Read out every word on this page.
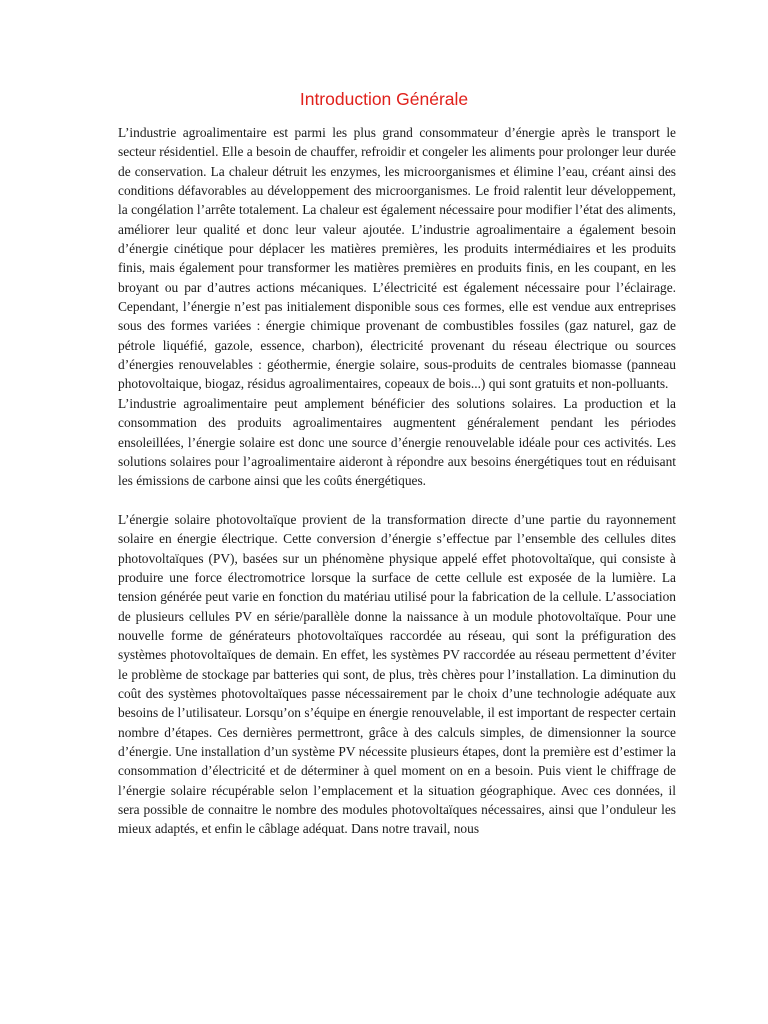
Introduction Générale

L’industrie agroalimentaire est parmi les plus grand consommateur d’énergie après le transport le secteur résidentiel. Elle a besoin de chauffer, refroidir et congeler les aliments pour prolonger leur durée de conservation. La chaleur détruit les enzymes, les microorganismes et élimine l’eau, créant ainsi des conditions défavorables au développement des microorganismes. Le froid ralentit leur développement, la congélation l’arrête totalement. La chaleur est également nécessaire pour modifier l’état des aliments, améliorer leur qualité et donc leur valeur ajoutée. L’industrie agroalimentaire a également besoin d’énergie cinétique pour déplacer les matières premières, les produits intermédiaires et les produits finis, mais également pour transformer les matières premières en produits finis, en les coupant, en les broyant ou par d’autres actions mécaniques. L’électricité est également nécessaire pour l’éclairage. Cependant, l’énergie n’est pas initialement disponible sous ces formes, elle est vendue aux entreprises sous des formes variées : énergie chimique provenant de combustibles fossiles (gaz naturel, gaz de pétrole liquéfié, gazole, essence, charbon), électricité provenant du réseau électrique ou sources d’énergies renouvelables : géothermie, énergie solaire, sous-produits de centrales biomasse (panneau photovoltaique, biogaz, résidus agroalimentaires, copeaux de bois...) qui sont gratuits et non-polluants.

L’industrie agroalimentaire peut amplement bénéficier des solutions solaires. La production et la consommation des produits agroalimentaires augmentent généralement pendant les périodes ensoleillées, l’énergie solaire est donc une source d’énergie renouvelable idéale pour ces activités. Les solutions solaires pour l’agroalimentaire aideront à répondre aux besoins énergétiques tout en réduisant les émissions de carbone ainsi que les coûts énergétiques.

L’énergie solaire photovoltaïque provient de la transformation directe d’une partie du rayonnement solaire en énergie électrique. Cette conversion d’énergie s’effectue par l’ensemble des cellules dites photovoltaïques (PV), basées sur un phénomène physique appelé effet photovoltaïque, qui consiste à produire une force électromotrice lorsque la surface de cette cellule est exposée de la lumière. La tension générée peut varie en fonction du matériau utilisé pour la fabrication de la cellule. L’association de plusieurs cellules PV en série/parallèle donne la naissance à un module photovoltaïque. Pour une nouvelle forme de générateurs photovoltaïques raccordée au réseau, qui sont la préfiguration des systèmes photovoltaïques de demain. En effet, les systèmes PV raccordée au réseau permettent d’éviter le problème de stockage par batteries qui sont, de plus, très chères pour l’installation. La diminution du coût des systèmes photovoltaïques passe nécessairement par le choix d’une technologie adéquate aux besoins de l’utilisateur. Lorsqu’on s’équipe en énergie renouvelable, il est important de respecter certain nombre d’étapes. Ces dernières permettront, grâce à des calculs simples, de dimensionner la source d’énergie. Une installation d’un système PV nécessite plusieurs étapes, dont la première est d’estimer la consommation d’électricité et de déterminer à quel moment on en a besoin. Puis vient le chiffrage de l’énergie solaire récupérable selon l’emplacement et la situation géographique. Avec ces données, il sera possible de connaitre le nombre des modules photovoltaïques nécessaires, ainsi que l’onduleur les mieux adaptés, et enfin le câblage adéquat. Dans notre travail, nous
